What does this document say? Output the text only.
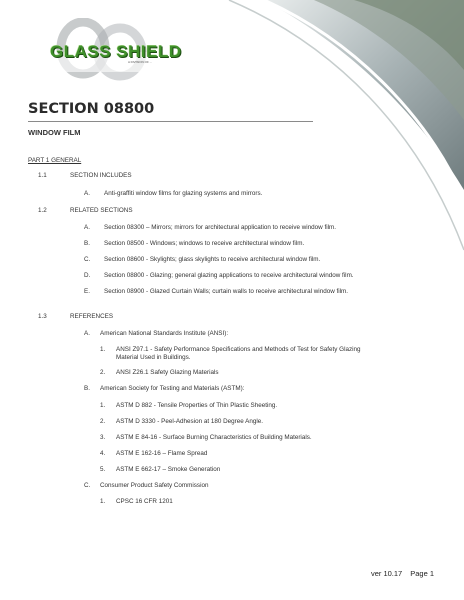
GLASS SHIELD
A DIVISION OF ...
SECTION 08800
WINDOW FILM
PART 1 GENERAL
1.1	SECTION INCLUDES
A. Anti-graffiti window films for glazing systems and mirrors.
1.2	RELATED SECTIONS
A. Section 08300 – Mirrors; mirrors for architectural application to receive window film.
B. Section 08500 - Windows; windows to receive architectural window film.
C. Section 08600 - Skylights; glass skylights to receive architectural window film.
D. Section 08800 - Glazing; general glazing applications to receive architectural window film.
E. Section 08900 - Glazed Curtain Walls; curtain walls to receive architectural window film.
1.3	REFERENCES
A. American National Standards Institute (ANSI):
1. ANSI Z97.1 - Safety Performance Specifications and Methods of Test for Safety Glazing
Material Used in Buildings.
2. ANSI Z26.1 Safety Glazing Materials
B. American Society for Testing and Materials (ASTM):
1. ASTM D 882 - Tensile Properties of Thin Plastic Sheeting.
2. ASTM D 3330 - Peel-Adhesion at 180 Degree Angle.
3. ASTM E 84-16 - Surface Burning Characteristics of Building Materials.
4. ASTM E 162-16 – Flame Spread
5. ASTM E 662-17 – Smoke Generation
C. Consumer Product Safety Commission
1. CPSC 16 CFR 1201
ver 10.17 Page 1
